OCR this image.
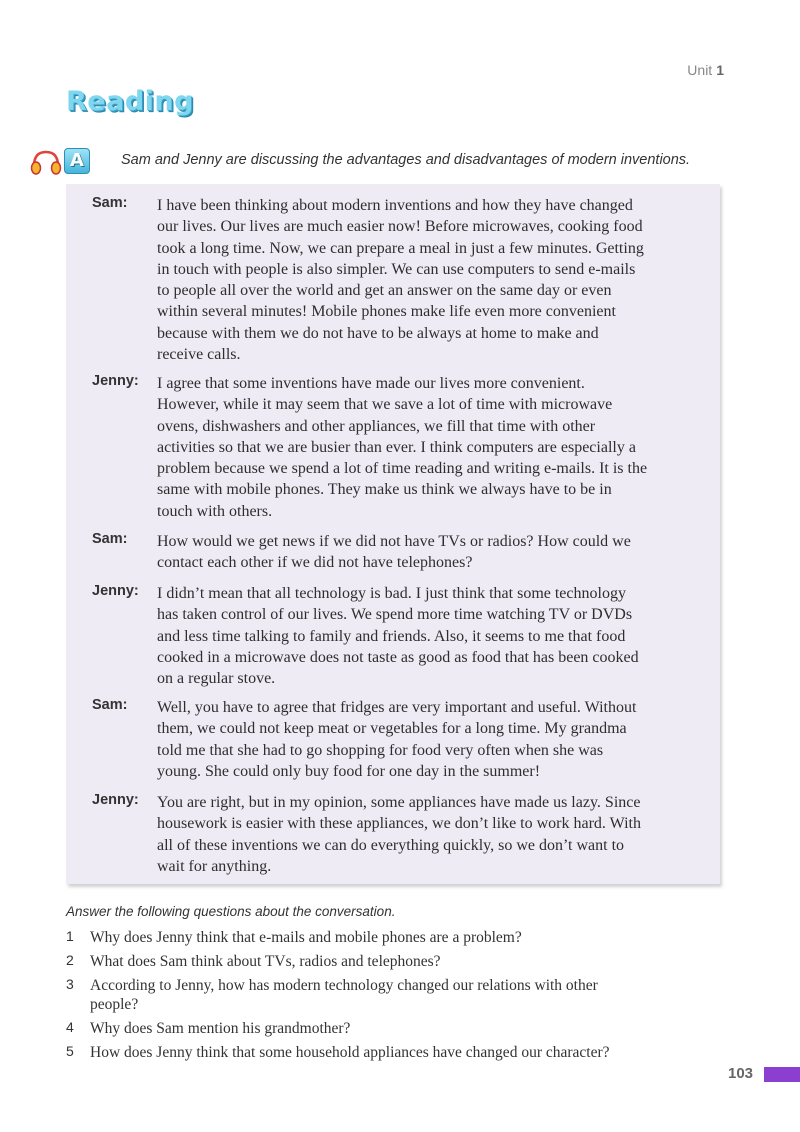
Unit 1
Reading
A	Sam and Jenny are discussing the advantages and disadvantages of modern inventions.
Sam: I have been thinking about modern inventions and how they have changed
our lives. Our lives are much easier now! Before microwaves, cooking food
took a long time. Now, we can prepare a meal in just a few minutes. Getting
in touch with people is also simpler. We can use computers to send e-mails
to people all over the world and get an answer on the same day or even
within several minutes! Mobile phones make life even more convenient
because with them we do not have to be always at home to make and
receive calls.
Jenny: I agree that some inventions have made our lives more convenient.
However, while it may seem that we save a lot of time with microwave
ovens, dishwashers and other appliances, we fill that time with other
activities so that we are busier than ever. I think computers are especially a
problem because we spend a lot of time reading and writing e-mails. It is the
same with mobile phones. They make us think we always have to be in
touch with others.
Sam: How would we get news if we did not have TVs or radios? How could we
contact each other if we did not have telephones?
Jenny: I didn’t mean that all technology is bad. I just think that some technology
has taken control of our lives. We spend more time watching TV or DVDs
and less time talking to family and friends. Also, it seems to me that food
cooked in a microwave does not taste as good as food that has been cooked
on a regular stove.
Sam: Well, you have to agree that fridges are very important and useful. Without
them, we could not keep meat or vegetables for a long time. My grandma
told me that she had to go shopping for food very often when she was
young. She could only buy food for one day in the summer!
Jenny: You are right, but in my opinion, some appliances have made us lazy. Since
housework is easier with these appliances, we don’t like to work hard. With
all of these inventions we can do everything quickly, so we don’t want to
wait for anything.
Answer the following questions about the conversation.
1 Why does Jenny think that e-mails and mobile phones are a problem?
2 What does Sam think about TVs, radios and telephones?
3 According to Jenny, how has modern technology changed our relations with other
people?
4 Why does Sam mention his grandmother?
5 How does Jenny think that some household appliances have changed our character?
103
